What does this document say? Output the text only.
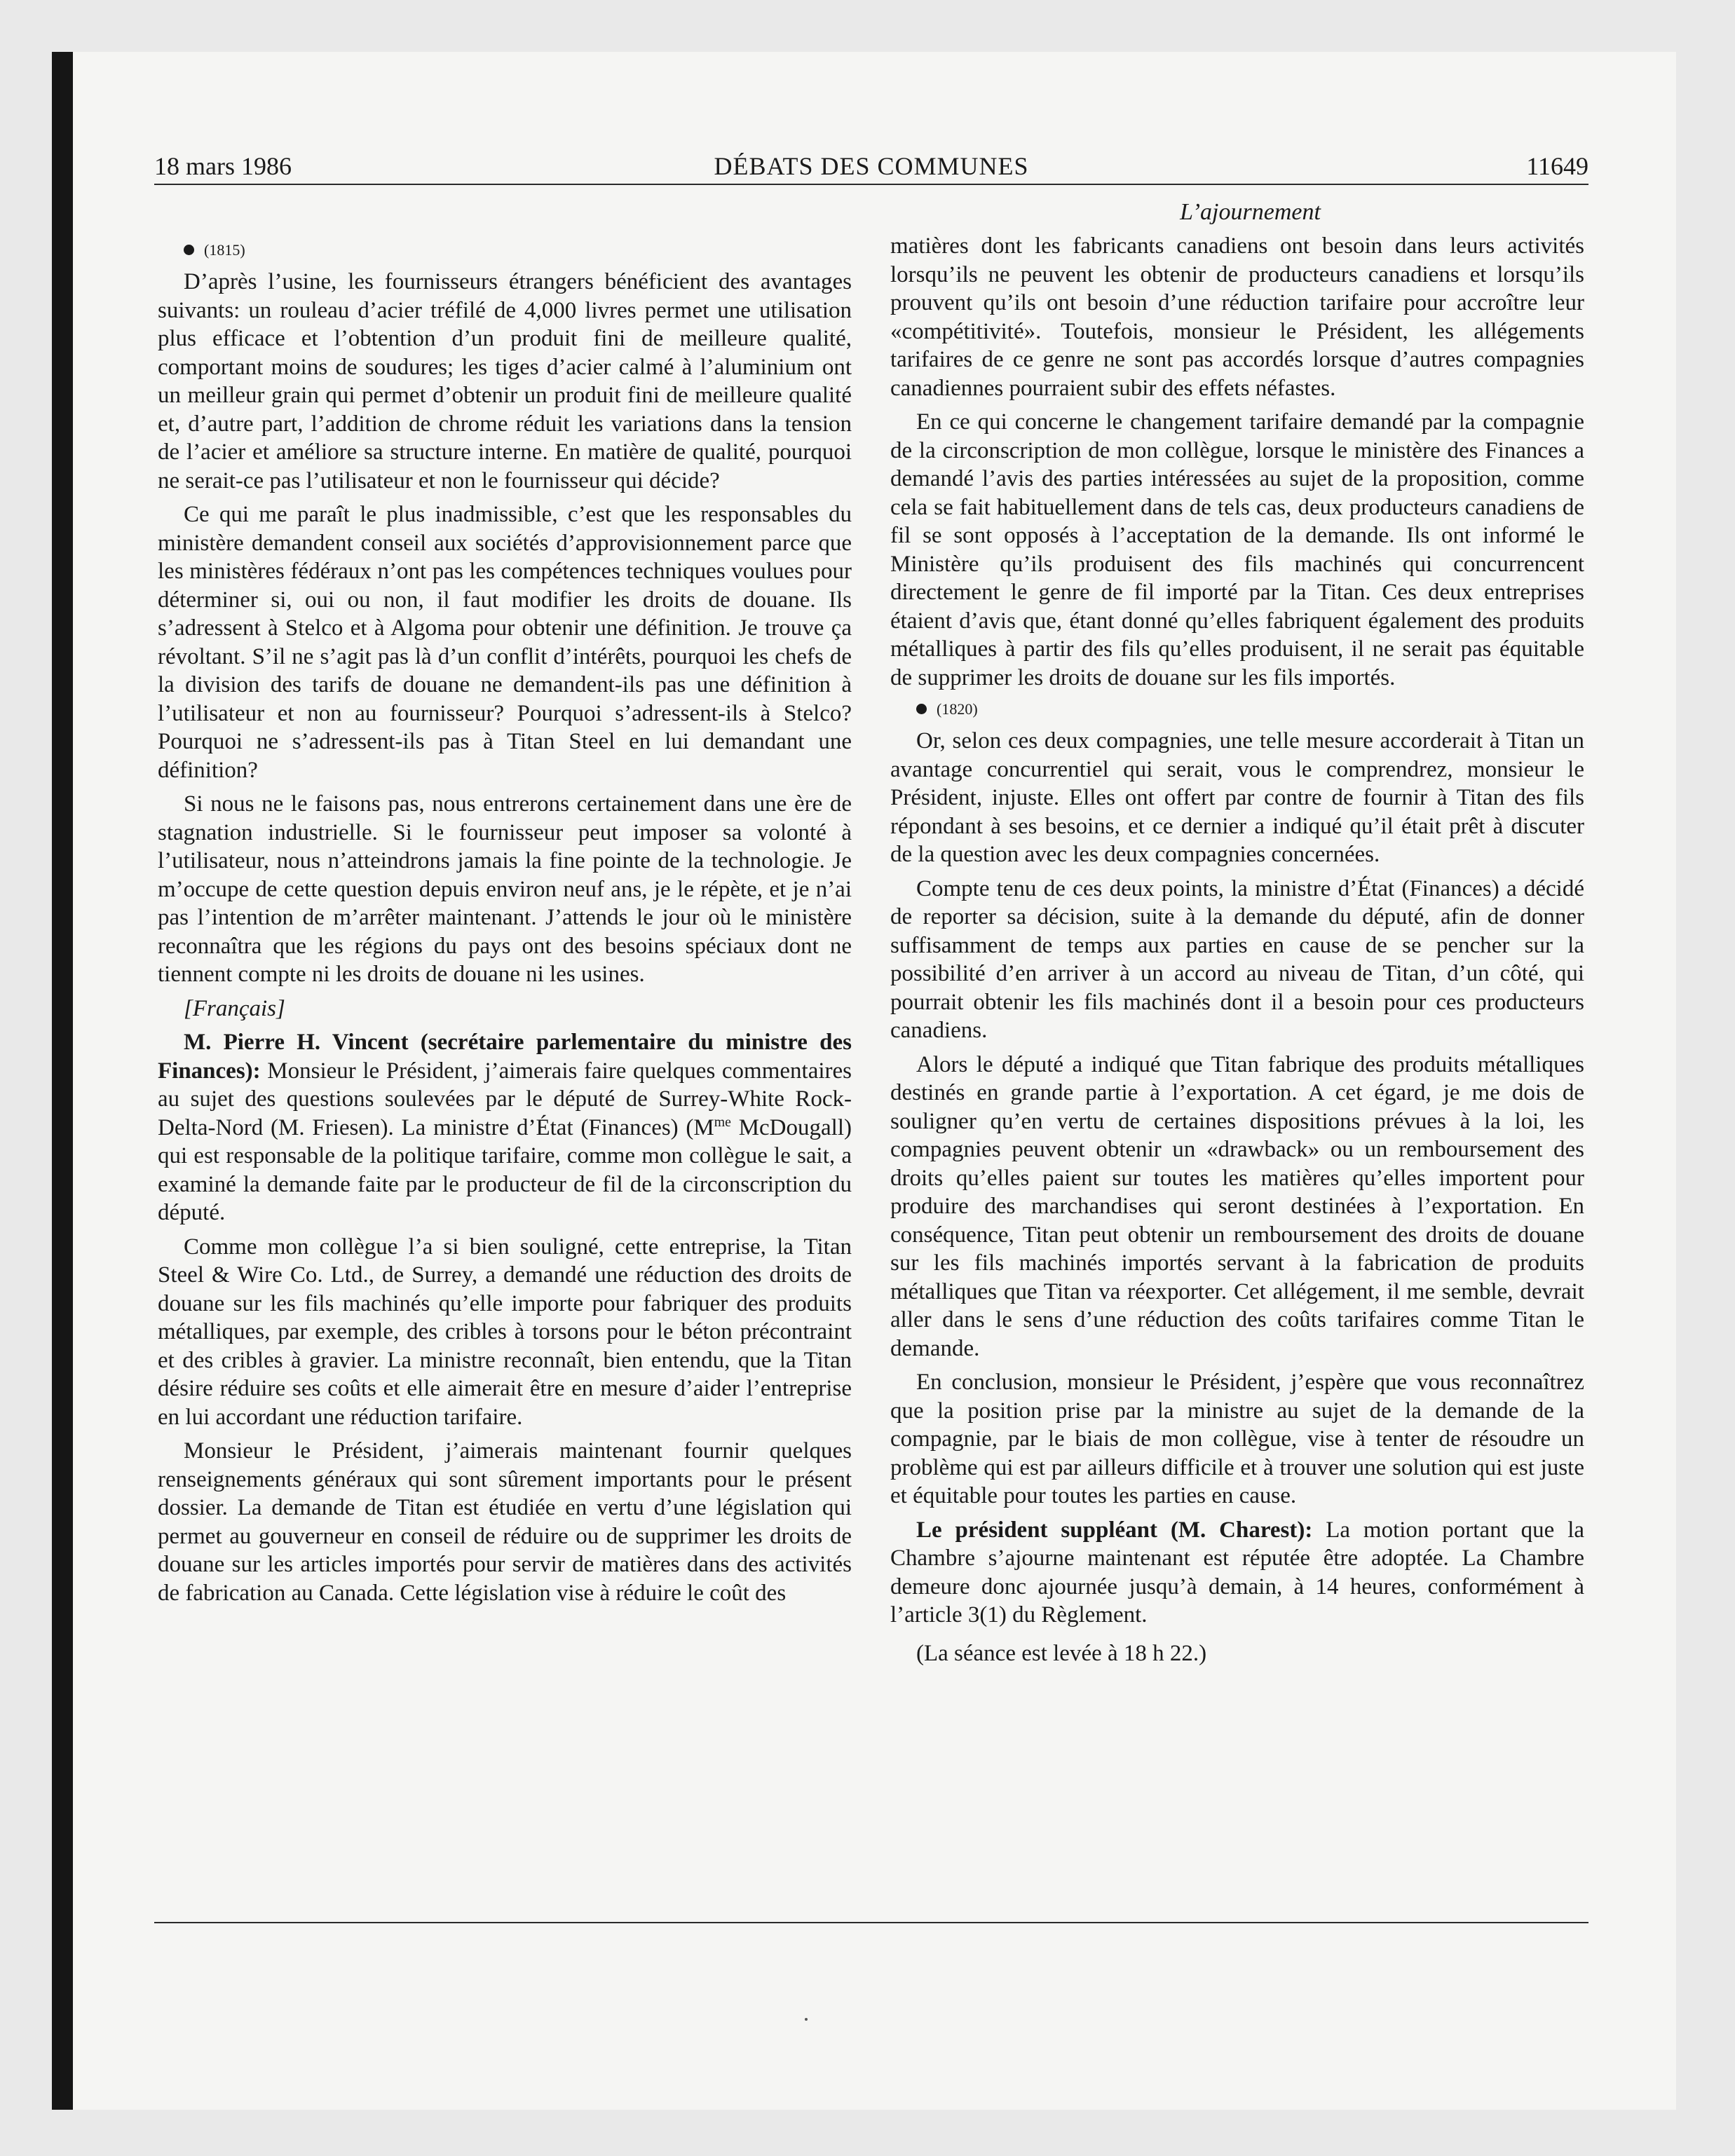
18 mars 1986	DÉBATS DES COMMUNES	11649

(1815)

D’après l’usine, les fournisseurs étrangers bénéficient des avantages suivants: un rouleau d’acier tréfilé de 4,000 livres permet une utilisation plus efficace et l’obtention d’un produit fini de meilleure qualité, comportant moins de soudures; les tiges d’acier calmé à l’aluminium ont un meilleur grain qui permet d’obtenir un produit fini de meilleure qualité et, d’autre part, l’addition de chrome réduit les variations dans la tension de l’acier et améliore sa structure interne. En matière de qualité, pourquoi ne serait-ce pas l’utilisateur et non le fournisseur qui décide?

Ce qui me paraît le plus inadmissible, c’est que les responsables du ministère demandent conseil aux sociétés d’approvisionnement parce que les ministères fédéraux n’ont pas les compétences techniques voulues pour déterminer si, oui ou non, il faut modifier les droits de douane. Ils s’adressent à Stelco et à Algoma pour obtenir une définition. Je trouve ça révoltant. S’il ne s’agit pas là d’un conflit d’intérêts, pourquoi les chefs de la division des tarifs de douane ne demandent-ils pas une définition à l’utilisateur et non au fournisseur? Pourquoi s’adressent-ils à Stelco? Pourquoi ne s’adressent-ils pas à Titan Steel en lui demandant une définition?

Si nous ne le faisons pas, nous entrerons certainement dans une ère de stagnation industrielle. Si le fournisseur peut imposer sa volonté à l’utilisateur, nous n’atteindrons jamais la fine pointe de la technologie. Je m’occupe de cette question depuis environ neuf ans, je le répète, et je n’ai pas l’intention de m’arrêter maintenant. J’attends le jour où le ministère reconnaîtra que les régions du pays ont des besoins spéciaux dont ne tiennent compte ni les droits de douane ni les usines.

[Français]

M. Pierre H. Vincent (secrétaire parlementaire du ministre des Finances): Monsieur le Président, j’aimerais faire quelques commentaires au sujet des questions soulevées par le député de Surrey-White Rock-Delta-Nord (M. Friesen). La ministre d’État (Finances) ($M^{me}$ McDougall) qui est responsable de la politique tarifaire, comme mon collègue le sait, a examiné la demande faite par le producteur de fil de la circonscription du député.

Comme mon collègue l’a si bien souligné, cette entreprise, la Titan Steel & Wire Co. Ltd., de Surrey, a demandé une réduction des droits de douane sur les fils machinés qu’elle importe pour fabriquer des produits métalliques, par exemple, des cribles à torsons pour le béton précontraint et des cribles à gravier. La ministre reconnaît, bien entendu, que la Titan désire réduire ses coûts et elle aimerait être en mesure d’aider l’entreprise en lui accordant une réduction tarifaire.

Monsieur le Président, j’aimerais maintenant fournir quelques renseignements généraux qui sont sûrement importants pour le présent dossier. La demande de Titan est étudiée en vertu d’une législation qui permet au gouverneur en conseil de réduire ou de supprimer les droits de douane sur les articles importés pour servir de matières dans des activités de fabrication au Canada. Cette législation vise à réduire le coût des

L’ajournement

matières dont les fabricants canadiens ont besoin dans leurs activités lorsqu’ils ne peuvent les obtenir de producteurs canadiens et lorsqu’ils prouvent qu’ils ont besoin d’une réduction tarifaire pour accroître leur «compétitivité». Toutefois, monsieur le Président, les allégements tarifaires de ce genre ne sont pas accordés lorsque d’autres compagnies canadiennes pourraient subir des effets néfastes.

En ce qui concerne le changement tarifaire demandé par la compagnie de la circonscription de mon collègue, lorsque le ministère des Finances a demandé l’avis des parties intéressées au sujet de la proposition, comme cela se fait habituellement dans de tels cas, deux producteurs canadiens de fil se sont opposés à l’acceptation de la demande. Ils ont informé le Ministère qu’ils produisent des fils machinés qui concurrencent directement le genre de fil importé par la Titan. Ces deux entreprises étaient d’avis que, étant donné qu’elles fabriquent également des produits métalliques à partir des fils qu’elles produisent, il ne serait pas équitable de supprimer les droits de douane sur les fils importés.

(1820)

Or, selon ces deux compagnies, une telle mesure accorderait à Titan un avantage concurrentiel qui serait, vous le comprendrez, monsieur le Président, injuste. Elles ont offert par contre de fournir à Titan des fils répondant à ses besoins, et ce dernier a indiqué qu’il était prêt à discuter de la question avec les deux compagnies concernées.

Compte tenu de ces deux points, la ministre d’État (Finances) a décidé de reporter sa décision, suite à la demande du député, afin de donner suffisamment de temps aux parties en cause de se pencher sur la possibilité d’en arriver à un accord au niveau de Titan, d’un côté, qui pourrait obtenir les fils machinés dont il a besoin pour ces producteurs canadiens.

Alors le député a indiqué que Titan fabrique des produits métalliques destinés en grande partie à l’exportation. A cet égard, je me dois de souligner qu’en vertu de certaines dispositions prévues à la loi, les compagnies peuvent obtenir un «drawback» ou un remboursement des droits qu’elles paient sur toutes les matières qu’elles importent pour produire des marchandises qui seront destinées à l’exportation. En conséquence, Titan peut obtenir un remboursement des droits de douane sur les fils machinés importés servant à la fabrication de produits métalliques que Titan va réexporter. Cet allégement, il me semble, devrait aller dans le sens d’une réduction des coûts tarifaires comme Titan le demande.

En conclusion, monsieur le Président, j’espère que vous reconnaîtrez que la position prise par la ministre au sujet de la demande de la compagnie, par le biais de mon collègue, vise à tenter de résoudre un problème qui est par ailleurs difficile et à trouver une solution qui est juste et équitable pour toutes les parties en cause.

Le président suppléant (M. Charest): La motion portant que la Chambre s’ajourne maintenant est réputée être adoptée. La Chambre demeure donc ajournée jusqu’à demain, à 14 heures, conformément à l’article 3(1) du Règlement.

(La séance est levée à 18 h 22.)
